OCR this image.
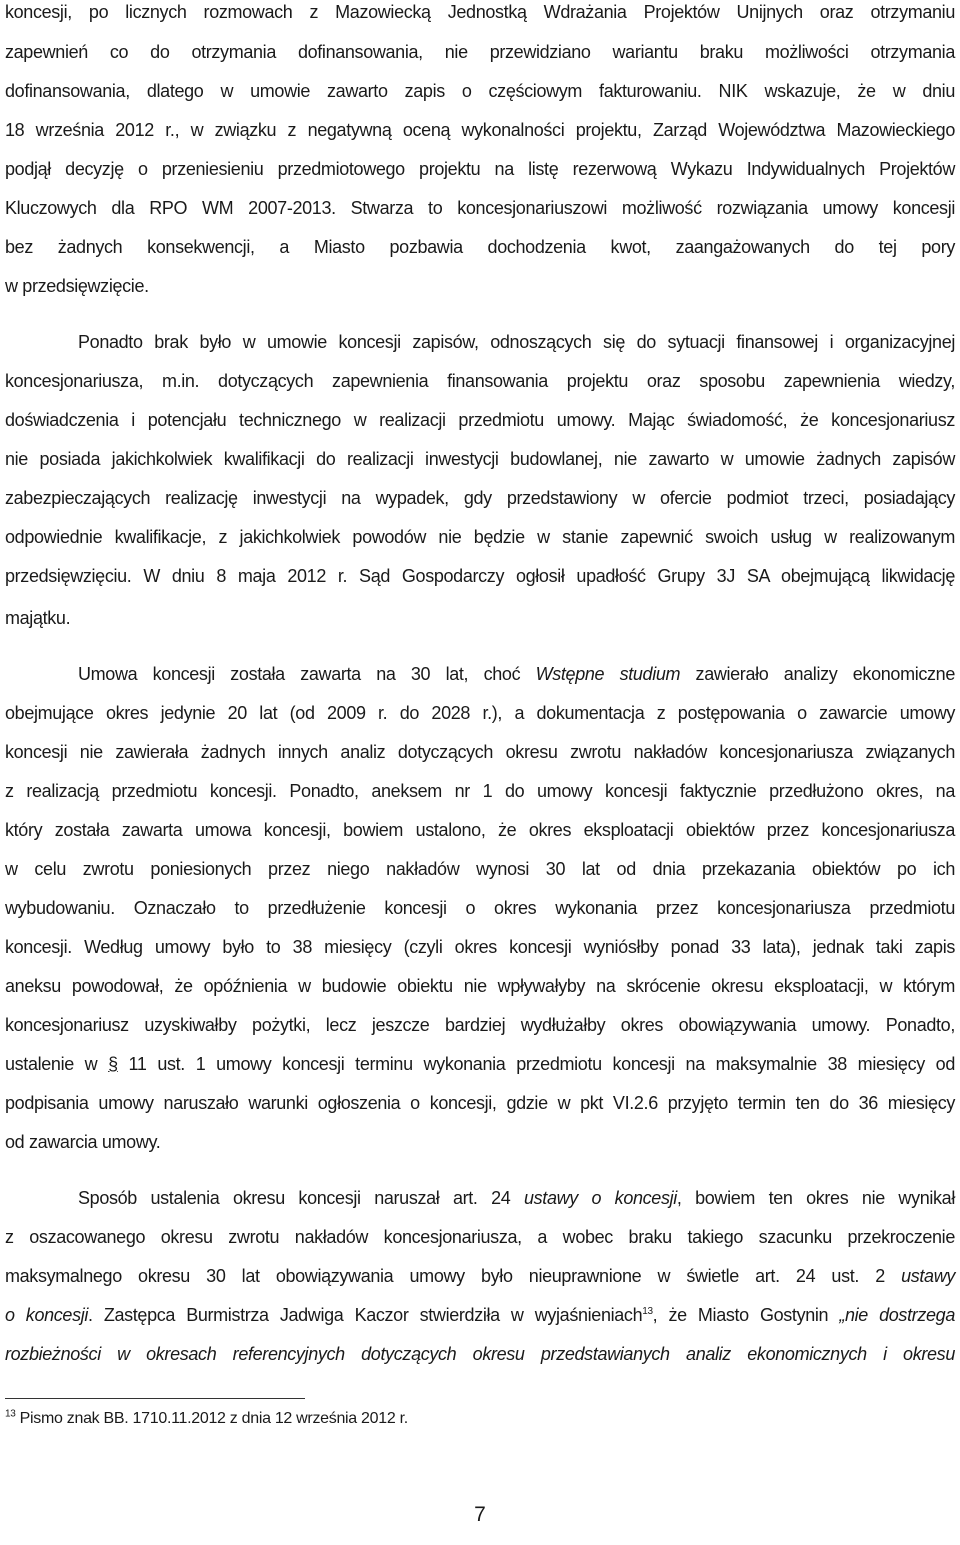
koncesji, po licznych rozmowach z Mazowiecką Jednostką Wdrażania Projektów Unijnych oraz otrzymaniu
zapewnień co do otrzymania dofinansowania, nie przewidziano wariantu braku możliwości otrzymania
dofinansowania, dlatego w umowie zawarto zapis o częściowym fakturowaniu. NIK wskazuje, że w dniu
18 września 2012 r., w związku z negatywną oceną wykonalności projektu, Zarząd Województwa Mazowieckiego
podjął decyzję o przeniesieniu przedmiotowego projektu na listę rezerwową Wykazu Indywidualnych Projektów
Kluczowych dla RPO WM 2007-2013. Stwarza to koncesjonariuszowi możliwość rozwiązania umowy koncesji
bez żadnych konsekwencji, a Miasto pozbawia dochodzenia kwot, zaangażowanych do tej pory
w przedsięwzięcie.
Ponadto brak było w umowie koncesji zapisów, odnoszących się do sytuacji finansowej i organizacyjnej
koncesjonariusza, m.in. dotyczących zapewnienia finansowania projektu oraz sposobu zapewnienia wiedzy,
doświadczenia i potencjału technicznego w realizacji przedmiotu umowy. Mając świadomość, że koncesjonariusz
nie posiada jakichkolwiek kwalifikacji do realizacji inwestycji budowlanej, nie zawarto w umowie żadnych zapisów
zabezpieczających realizację inwestycji na wypadek, gdy przedstawiony w ofercie podmiot trzeci, posiadający
odpowiednie kwalifikacje, z jakichkolwiek powodów nie będzie w stanie zapewnić swoich usług w realizowanym
przedsięwzięciu. W dniu 8 maja 2012 r. Sąd Gospodarczy ogłosił upadłość Grupy 3J SA obejmującą likwidację
majątku.
Umowa koncesji została zawarta na 30 lat, choć Wstępne studium zawierało analizy ekonomiczne
obejmujące okres jedynie 20 lat (od 2009 r. do 2028 r.), a dokumentacja z postępowania o zawarcie umowy
koncesji nie zawierała żadnych innych analiz dotyczących okresu zwrotu nakładów koncesjonariusza związanych
z realizacją przedmiotu koncesji. Ponadto, aneksem nr 1 do umowy koncesji faktycznie przedłużono okres, na
który została zawarta umowa koncesji, bowiem ustalono, że okres eksploatacji obiektów przez koncesjonariusza
w celu zwrotu poniesionych przez niego nakładów wynosi 30 lat od dnia przekazania obiektów po ich
wybudowaniu. Oznaczało to przedłużenie koncesji o okres wykonania przez koncesjonariusza przedmiotu
koncesji. Według umowy było to 38 miesięcy (czyli okres koncesji wyniósłby ponad 33 lata), jednak taki zapis
aneksu powodował, że opóźnienia w budowie obiektu nie wpływałyby na skrócenie okresu eksploatacji, w którym
koncesjonariusz uzyskiwałby pożytki, lecz jeszcze bardziej wydłużałby okres obowiązywania umowy. Ponadto,
ustalenie w § 11 ust. 1 umowy koncesji terminu wykonania przedmiotu koncesji na maksymalnie 38 miesięcy od
podpisania umowy naruszało warunki ogłoszenia o koncesji, gdzie w pkt VI.2.6 przyjęto termin ten do 36 miesięcy
od zawarcia umowy.
Sposób ustalenia okresu koncesji naruszał art. 24 ustawy o koncesji, bowiem ten okres nie wynikał
z oszacowanego okresu zwrotu nakładów koncesjonariusza, a wobec braku takiego szacunku przekroczenie
maksymalnego okresu 30 lat obowiązywania umowy było nieuprawnione w świetle art. 24 ust. 2 ustawy
o koncesji. Zastępca Burmistrza Jadwiga Kaczor stwierdziła w wyjaśnieniach$^{13}$, że Miasto Gostynin „nie dostrzega
rozbieżności w okresach referencyjnych dotyczących okresu przedstawianych analiz ekonomicznych i okresu
$^{13}$ Pismo znak BB. 1710.11.2012 z dnia 12 września 2012 r.
7
